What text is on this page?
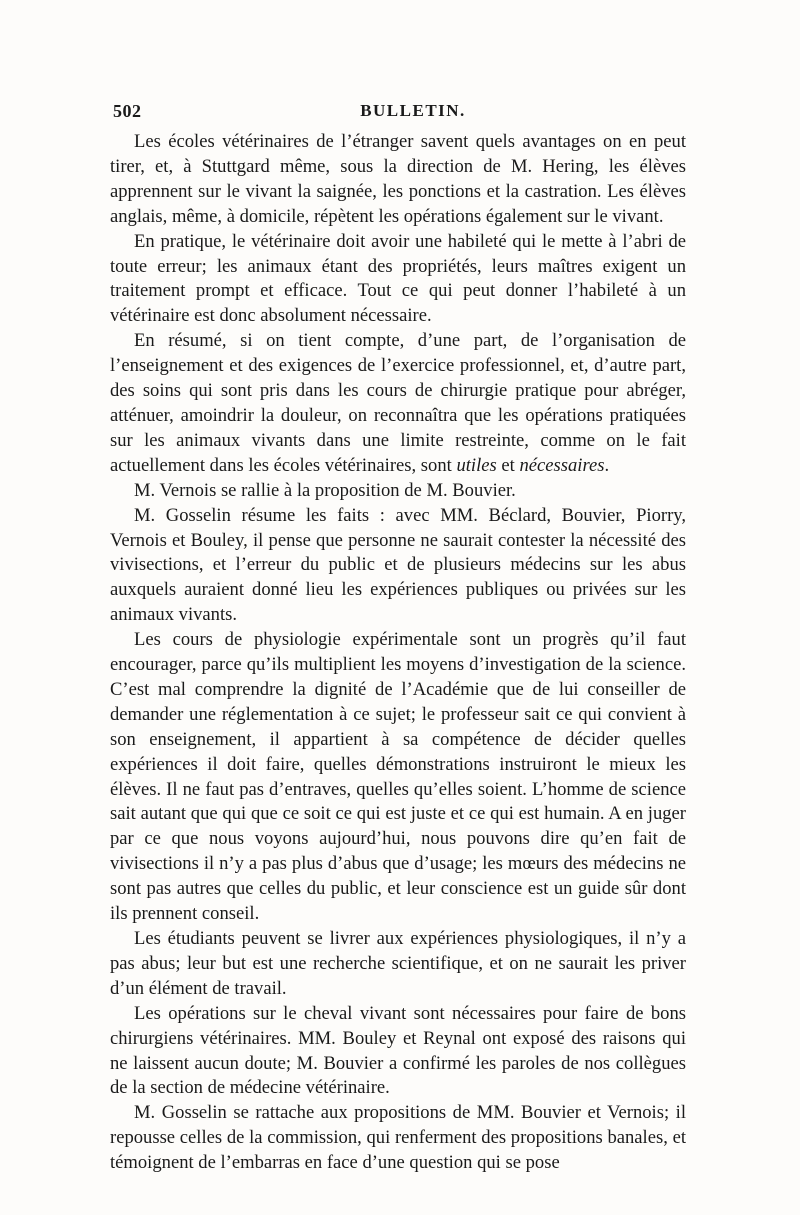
502	BULLETIN.

Les écoles vétérinaires de l’étranger savent quels avantages on en peut tirer, et, à Stuttgard même, sous la direction de M. Hering, les élèves apprennent sur le vivant la saignée, les ponctions et la castration. Les élèves anglais, même, à domicile, répètent les opérations également sur le vivant.

En pratique, le vétérinaire doit avoir une habileté qui le mette à l’abri de toute erreur; les animaux étant des propriétés, leurs maîtres exigent un traitement prompt et efficace. Tout ce qui peut donner l’habileté à un vétérinaire est donc absolument nécessaire.

En résumé, si on tient compte, d’une part, de l’organisation de l’enseignement et des exigences de l’exercice professionnel, et, d’autre part, des soins qui sont pris dans les cours de chirurgie pratique pour abréger, atténuer, amoindrir la douleur, on reconnaîtra que les opérations pratiquées sur les animaux vivants dans une limite restreinte, comme on le fait actuellement dans les écoles vétérinaires, sont utiles et nécessaires.

M. Vernois se rallie à la proposition de M. Bouvier.

M. Gosselin résume les faits : avec MM. Béclard, Bouvier, Piorry, Vernois et Bouley, il pense que personne ne saurait contester la nécessité des vivisections, et l’erreur du public et de plusieurs médecins sur les abus auxquels auraient donné lieu les expériences publiques ou privées sur les animaux vivants.

Les cours de physiologie expérimentale sont un progrès qu’il faut encourager, parce qu’ils multiplient les moyens d’investigation de la science. C’est mal comprendre la dignité de l’Académie que de lui conseiller de demander une réglementation à ce sujet; le professeur sait ce qui convient à son enseignement, il appartient à sa compétence de décider quelles expériences il doit faire, quelles démonstrations instruiront le mieux les élèves. Il ne faut pas d’entraves, quelles qu’elles soient. L’homme de science sait autant que qui que ce soit ce qui est juste et ce qui est humain. A en juger par ce que nous voyons aujourd’hui, nous pouvons dire qu’en fait de vivisections il n’y a pas plus d’abus que d’usage; les mœurs des médecins ne sont pas autres que celles du public, et leur conscience est un guide sûr dont ils prennent conseil.

Les étudiants peuvent se livrer aux expériences physiologiques, il n’y a pas abus; leur but est une recherche scientifique, et on ne saurait les priver d’un élément de travail.

Les opérations sur le cheval vivant sont nécessaires pour faire de bons chirurgiens vétérinaires. MM. Bouley et Reynal ont exposé des raisons qui ne laissent aucun doute; M. Bouvier a confirmé les paroles de nos collègues de la section de médecine vétérinaire.

M. Gosselin se rattache aux propositions de MM. Bouvier et Vernois; il repousse celles de la commission, qui renferment des propositions banales, et témoignent de l’embarras en face d’une question qui se pose
